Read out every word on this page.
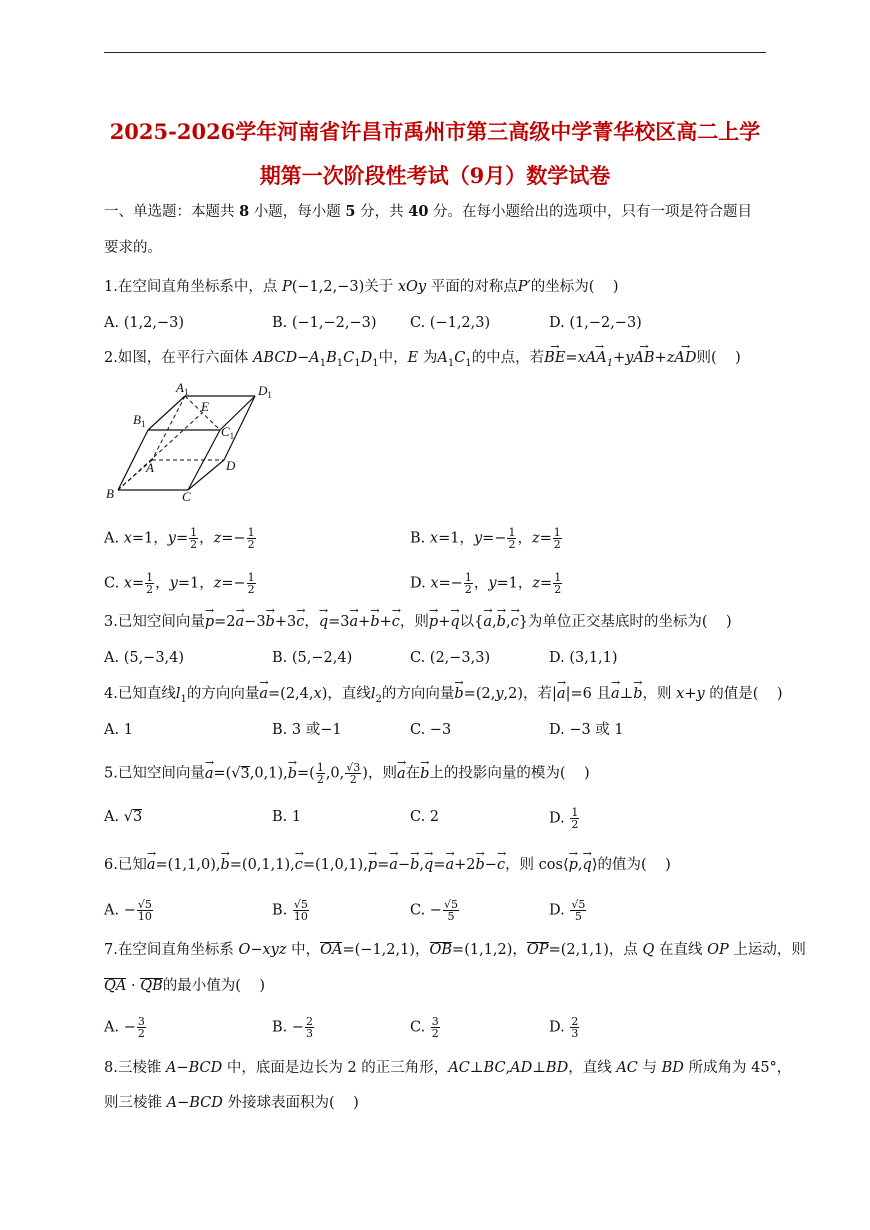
2025-2026学年河南省许昌市禹州市第三高级中学菁华校区高二上学
期第一次阶段性考试（9月）数学试卷
一、单选题：本题共 8 小题，每小题 5 分，共 40 分。在每小题给出的选项中，只有一项是符合题目
要求的。
1.在空间直角坐标系中，点 P(−1,2,−3)关于 xOy 平面的对称点P′的坐标为(    )
A. (1,2,−3)	B. (−1,−2,−3) C. (−1,2,3)	D. (1,−2,−3)
2.如图，在平行六面体 $ABCD-A_1B_1C_1D_1$中，E 为$A_1C_1$的中点，若→ $BE=x\to AA_1+y\to AB+z\to$ AD则(    )
$A_1$	$D_1$
$B_1$	$C_1$
E
A	D
B	C
A. x=1，$y= \frac{1}{2}$ ，$z=- \frac{1}{2}$	B. x=1，$y=- \frac{1}{2}$ ，$z= \frac{1}{2}$
C. $x= \frac{1}{2}$ ，y=1，$z=- \frac{1}{2}$	D. $x=- \frac{1}{2}$ ，y=1，$z= \frac{1}{2}$
3.已知空间向量→ p=2→ a−3→ b+3→ c，→ q=3→ a+→ b+→ c，则→ p+→ q以{→ a,→ b,→ c}为单位正交基底时的坐标为(    )
A. (5,−3,4)	B. (5,−2,4)	C. (2,−3,3)	D. (3,1,1)
4.已知直线$l_1$的方向向量→ a=(2,4,x)，直线$l_2$的方向向量→ b=(2,y,2)，若|→ a|=6 且→ a⊥→ b，则 x+y 的值是(    )
A. 1	B. 3 或−1	C. −3	D. −3 或 1
5.已知空间向量→ $a=(√3,0,1),\to b=( \frac{1}{2} ,0$, $\frac{√3}{2}$ )，则→ a在→ b上的投影向量的模为(    )
A. √3	B. 1	C. 2	D. $\frac{1}{2}$
6.已知→ a=(1,1,0),→ b=(0,1,1),→ c=(1,0,1),→ p=→ a−→ b,→ q=→ a+2→ b−→ c，则 cos⟨→ p,→ q⟩的值为(    )
A. − $\frac{√5}{10}$	B. $\frac{√5}{10}$	C. − $\frac{√5}{5}$	D. $\frac{√5}{5}$
7.在空间直角坐标系 O−xyz 中，OA=(−1,2,1)，OB=(1,1,2)，OP=(2,1,1)，点 Q 在直线 OP 上运动，则
QA · QB的最小值为(    )
A. − $\frac{3}{2}$	B. − $\frac{2}{3}$	C. $\frac{3}{2}$	D. $\frac{2}{3}$
8.三棱锥 A−BCD 中，底面是边长为 2 的正三角形，AC⊥BC,AD⊥BD，直线 AC 与 BD 所成角为 45°，
则三棱锥 A−BCD 外接球表面积为(    )
